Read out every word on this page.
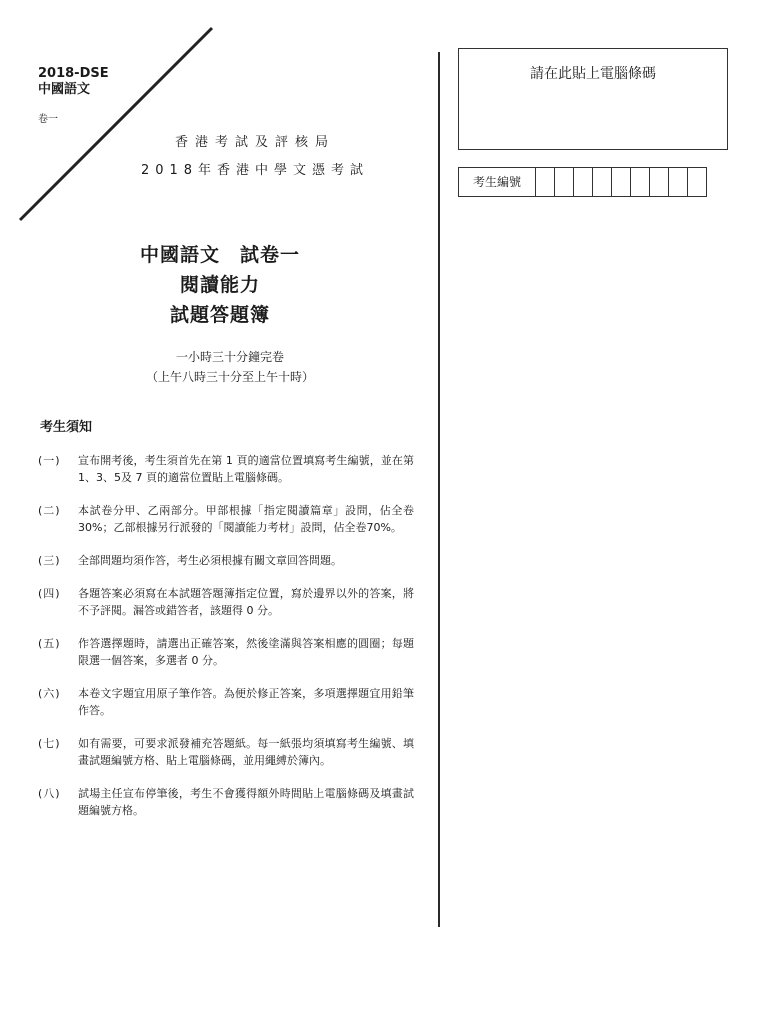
2018-DSE
中國語文
卷一
香港考試及評核局
2018年香港中學文憑考試
中國語文　試卷一
閱讀能力
試題答題簿
一小時三十分鐘完卷
（上午八時三十分至上午十時）
考生須知
(一)	宣布開考後，考生須首先在第 1 頁的適當位置填寫考生編號，並在第1、3、5及 7 頁的適當位置貼上電腦條碼。
(二)	本試卷分甲、乙兩部分。甲部根據「指定閱讀篇章」設問，佔全卷30%；乙部根據另行派發的「閱讀能力考材」設問，佔全卷70%。
(三)	全部問題均須作答，考生必須根據有關文章回答問題。
(四)	各題答案必須寫在本試題答題簿指定位置，寫於邊界以外的答案，將不予評閱。漏答或錯答者，該題得 0 分。
(五)	作答選擇題時，請選出正確答案，然後塗滿與答案相應的圓圈；每題限選一個答案，多選者 0 分。
(六)	本卷文字題宜用原子筆作答。為便於修正答案，多項選擇題宜用鉛筆作答。
(七)	如有需要，可要求派發補充答題紙。每一紙張均須填寫考生編號、填畫試題編號方格、貼上電腦條碼，並用繩縛於簿內。
(八)	試場主任宣布停筆後，考生不會獲得額外時間貼上電腦條碼及填畫試題編號方格。
請在此貼上電腦條碼
考生編號
